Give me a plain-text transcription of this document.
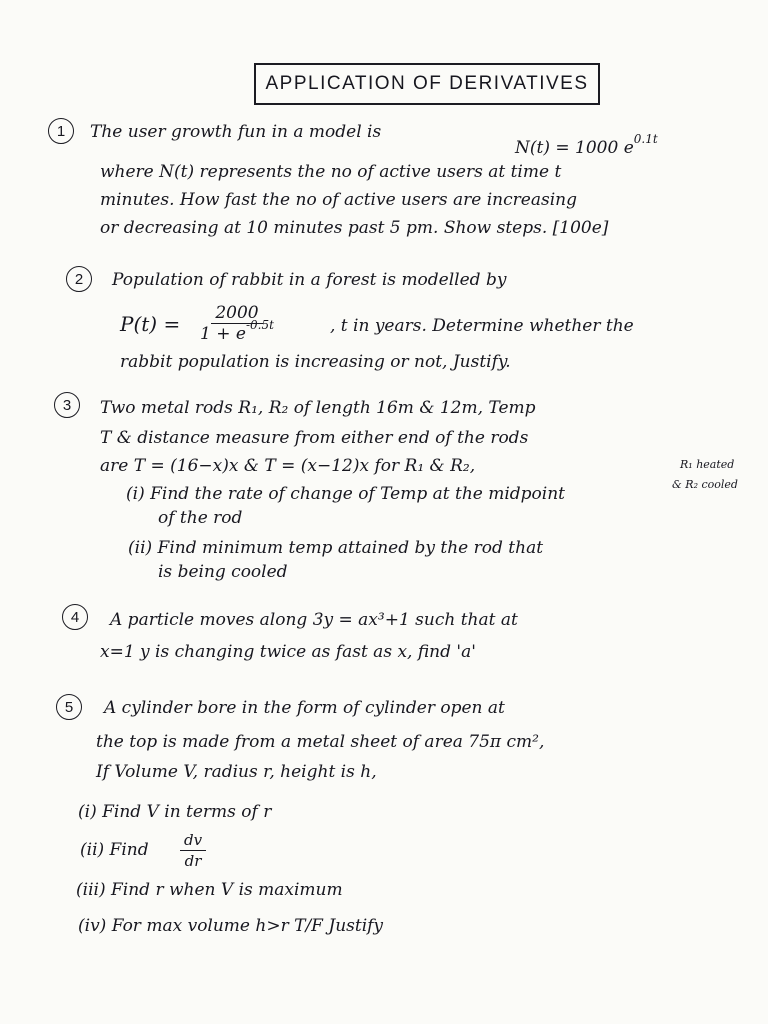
APPLICATION OF DERIVATIVES
1	The user growth fun in a model is
N(t) = 1000 $e^{0.1t}$
where N(t) represents the no of active users at time t
minutes. How fast the no of active users are increasing
or decreasing at 10 minutes past 5 pm. Show steps. [100e]
2	Population of rabbit in a forest is modelled by
$P(t) = \frac{2000}{1 + e^{-0.5t}}$	, t in years. Determine whether the
rabbit population is increasing or not, Justify.
3	Two metal rods R₁, R₂ of length 16m & 12m, Temp
T & distance measure from either end of the rods
are T = (16−x)x & T = (x−12)x for R₁ & R₂,	R₁ heated
& R₂ cooled
(i) Find the rate of change of Temp at the midpoint
of the rod
(ii) Find minimum temp attained by the rod that
is being cooled
4	A particle moves along 3y = ax³+1 such that at
x=1 y is changing twice as fast as x, find 'a'
5	A cylinder bore in the form of cylinder open at
the top is made from a metal sheet of area 75π cm²,
If Volume V, radius r, height is h,
(i) Find V in terms of r
(ii) Find $\frac{dv}{dr}$
(iii) Find r when V is maximum
(iv) For max volume h>r T/F Justify
